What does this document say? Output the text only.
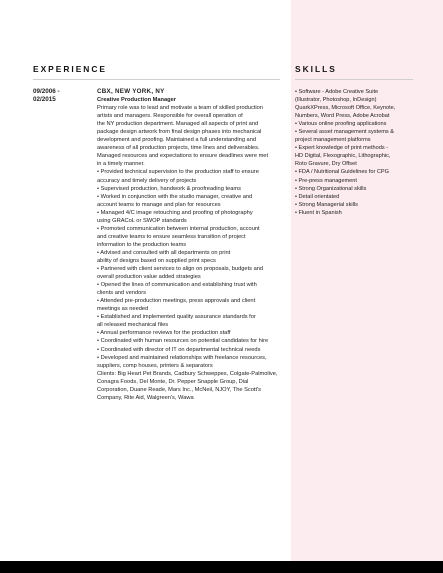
EXPERIENCE
09/2006 -
02/2015
CBX, NEW YORK, NY
Creative Production Manager
Primary role was to lead and motivate a team of skilled production
artists and managers. Responsible for overall operation of
the NY production department. Managed all aspects of print and
package design artwork from final design phases into mechanical
development and proofing. Maintained a full understanding and
awareness of all production projects, time lines and deliverables.
Managed resources and expectations to ensure deadlines were met
in a timely manner.
• Provided technical supervision to the production staff to ensure
accuracy and timely delivery of projects
• Supervised production, handwork & proofreading teams
• Worked in conjunction with the studio manager, creative and
account teams to manage and plan for resources
• Managed 4/C image retouching and proofing of photography
using GRACoL or SWOP standards
• Promoted communication between internal production, account
and creative teams to ensure seamless transition of project
information to the production teams
• Advised and consulted with all departments on print
ability of designs based on supplied print specs
• Partnered with client services to align on proposals, budgets and
overall production value added strategies
• Opened the lines of communication and establishing trust with
clients and vendors
• Attended pre-production meetings, press approvals and client
meetings as needed
• Established and implemented quality assurance standards for
all released mechanical files
• Annual performance reviews for the production staff
• Coordinated with human resources on potential candidates for hire
• Coordinated with director of IT on departmental technical needs
• Developed and maintained relationships with freelance resources,
suppliers, comp houses, printers & separators
Clients: Big Heart Pet Brands, Cadbury Schweppes, Colgate-Palmolive,
Conagra Foods, Del Monte, Dr. Pepper Snapple Group, Dial
Corporation, Duane Reade, Mars Inc., McNeil, NJOY, The Scott's
Company, Rite Aid, Walgreen's, Wawa
SKILLS
• Software - Adobe Creative Suite
(Illustrator, Photoshop, InDesign)
QuarkXPress, Microsoft Office, Keynote,
Numbers, Word Press, Adobe Acrobat
• Various online proofing applications
• Several asset management systems &
project management platforms
• Expert knowledge of print methods -
HD Digital, Flexographic, Lithographic,
Roto Gravure, Dry Offset
• FDA / Nutritional Guidelines for CPG
• Pre-press management
• Strong Organizational skills
• Detail orientated
• Strong Managerial skills
• Fluent in Spanish
